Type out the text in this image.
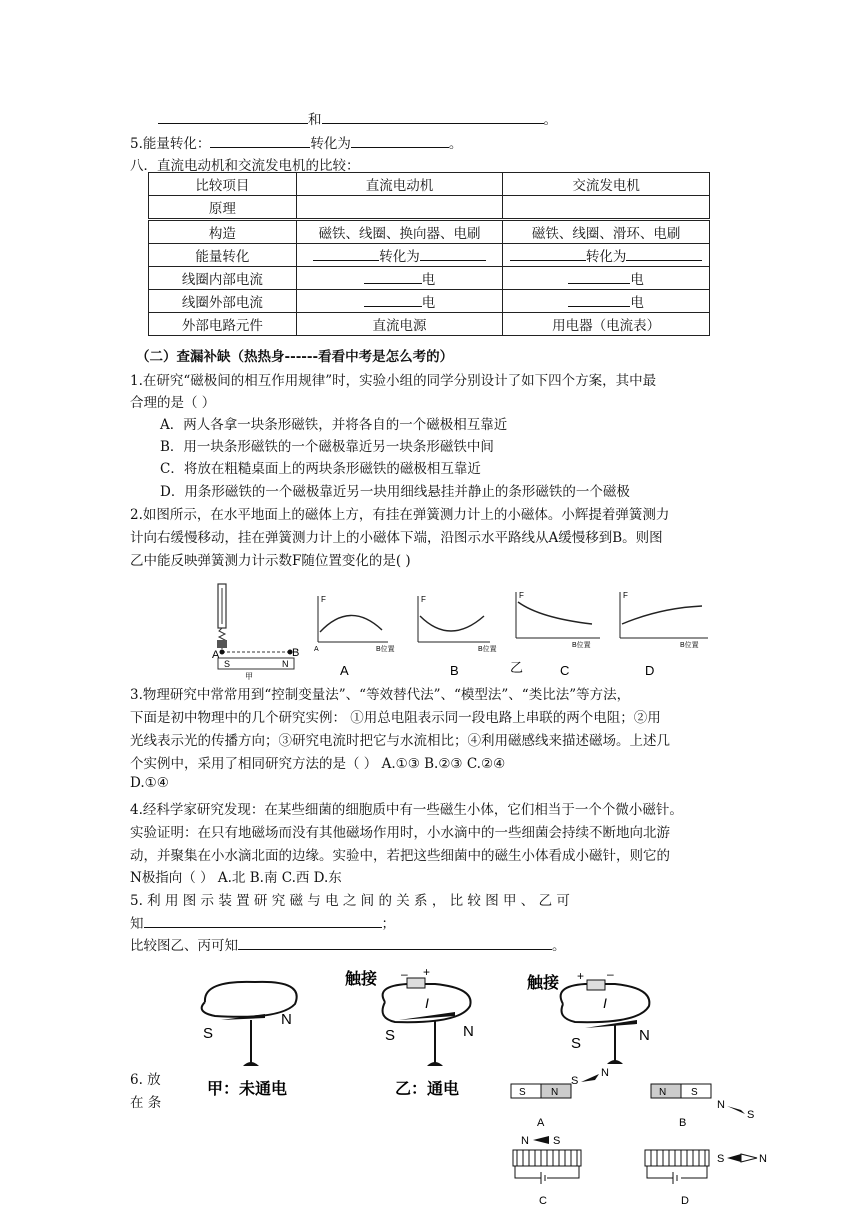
和	。
5.能量转化：	转化为	。
八．直流电动机和交流发电机的比较：
比较项目	直流电动机	交流发电机
原理		
构造	磁铁、线圈、换向器、电刷	磁铁、线圈、滑环、电刷
能量转化	转化为	转化为
线圈内部电流	电	电
线圈外部电流	电	电
外部电路元件	直流电源	用电器（电流表）
（二）查漏补缺（热热身------看看中考是怎么考的）
1.在研究“磁极间的相互作用规律”时，实验小组的同学分别设计了如下四个方案，其中最
合理的是（ ）
A．两人各拿一块条形磁铁，并将各自的一个磁极相互靠近
B．用一块条形磁铁的一个磁极靠近另一块条形磁铁中间
C．将放在粗糙桌面上的两块条形磁铁的磁极相互靠近
D．用条形磁铁的一个磁极靠近另一块用细线悬挂并静止的条形磁铁的一个磁极
2.如图所示，在水平地面上的磁体上方，有挂在弹簧测力计上的小磁体。小辉提着弹簧测力
计向右缓慢移动，挂在弹簧测力计上的小磁体下端，沿图示水平路线从A缓慢移到B。则图
乙中能反映弹簧测力计示数F随位置变化的是( )
A	B
S	N
甲
F
A	B位置
A
F
B位置
B
F
B位置
乙	C
F
B位置
D
3.物理研究中常常用到“控制变量法”、“等效替代法”、“模型法”、“类比法”等方法，
下面是初中物理中的几个研究实例： ①用总电阻表示同一段电路上串联的两个电阻；②用
光线表示光的传播方向；③研究电流时把它与水流相比；④利用磁感线来描述磁场。上述几
个实例中，采用了相同研究方法的是（ ） A.①③ B.②③ C.②④
D.①④
4.经科学家研究发现：在某些细菌的细胞质中有一些磁生小体，它们相当于一个个微小磁针。
实验证明：在只有地磁场而没有其他磁场作用时，小水滴中的一些细菌会持续不断地向北游
动，并聚集在小水滴北面的边缘。实验中，若把这些细菌中的磁生小体看成小磁针，则它的
N极指向（ ） A.北 B.南 C.西 D.东
5. 利 用 图 示 装 置 研 究 磁 与 电 之 间 的 关 系 ， 比 较 图 甲 、 乙 可
知	；
比较图乙、丙可知	。
S
N
甲：未通电
触接 – +
I
S	N
乙：通电
触接 + –
I
S	N
6. 放
在 条
S	N
S
N
A
N S
N
S
B
N S
C
S	N
D
